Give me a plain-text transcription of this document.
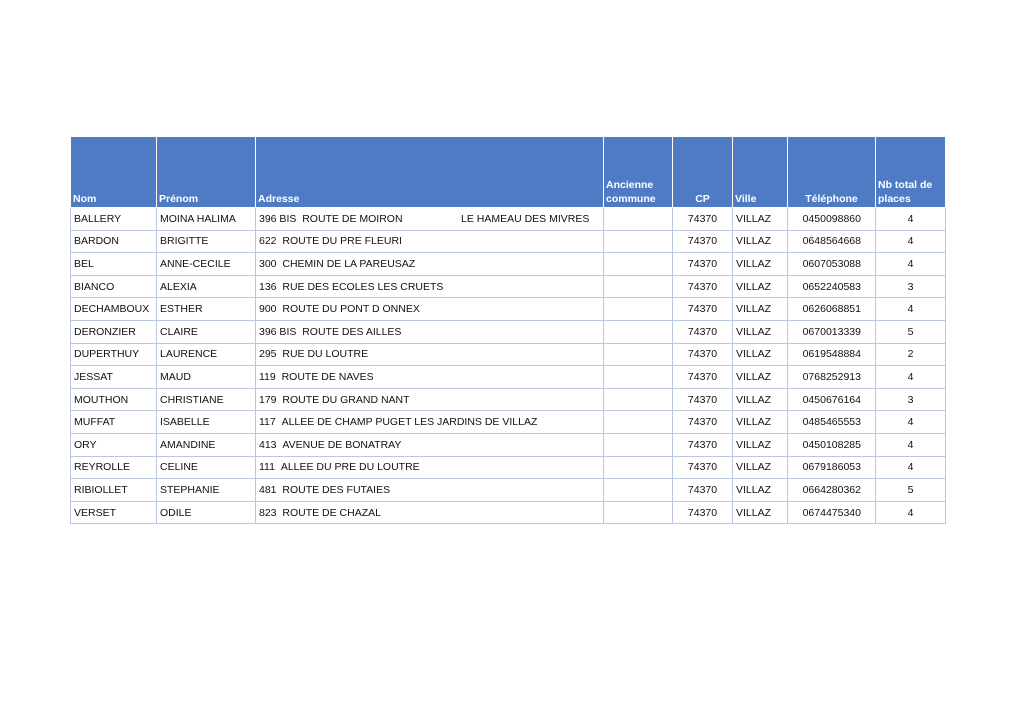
Nom	Prénom	Adresse	Ancienne commune	CP	Ville	Téléphone	Nb total de places
BALLERY	MOINA HALIMA	396 BIS ROUTE DE MOIRON LE HAMEAU DES MIVRES		74370	VILLAZ	0450098860	4
BARDON	BRIGITTE	622 ROUTE DU PRE FLEURI		74370	VILLAZ	0648564668	4
BEL	ANNE-CECILE	300 CHEMIN DE LA PAREUSAZ		74370	VILLAZ	0607053088	4
BIANCO	ALEXIA	136 RUE DES ECOLES LES CRUETS		74370	VILLAZ	0652240583	3
DECHAMBOUX	ESTHER	900 ROUTE DU PONT D ONNEX		74370	VILLAZ	0626068851	4
DERONZIER	CLAIRE	396 BIS ROUTE DES AILLES		74370	VILLAZ	0670013339	5
DUPERTHUY	LAURENCE	295 RUE DU LOUTRE		74370	VILLAZ	0619548884	2
JESSAT	MAUD	119 ROUTE DE NAVES		74370	VILLAZ	0768252913	4
MOUTHON	CHRISTIANE	179 ROUTE DU GRAND NANT		74370	VILLAZ	0450676164	3
MUFFAT	ISABELLE	117 ALLEE DE CHAMP PUGET LES JARDINS DE VILLAZ		74370	VILLAZ	0485465553	4
ORY	AMANDINE	413 AVENUE DE BONATRAY		74370	VILLAZ	0450108285	4
REYROLLE	CELINE	111 ALLEE DU PRE DU LOUTRE		74370	VILLAZ	0679186053	4
RIBIOLLET	STEPHANIE	481 ROUTE DES FUTAIES		74370	VILLAZ	0664280362	5
VERSET	ODILE	823 ROUTE DE CHAZAL		74370	VILLAZ	0674475340	4
